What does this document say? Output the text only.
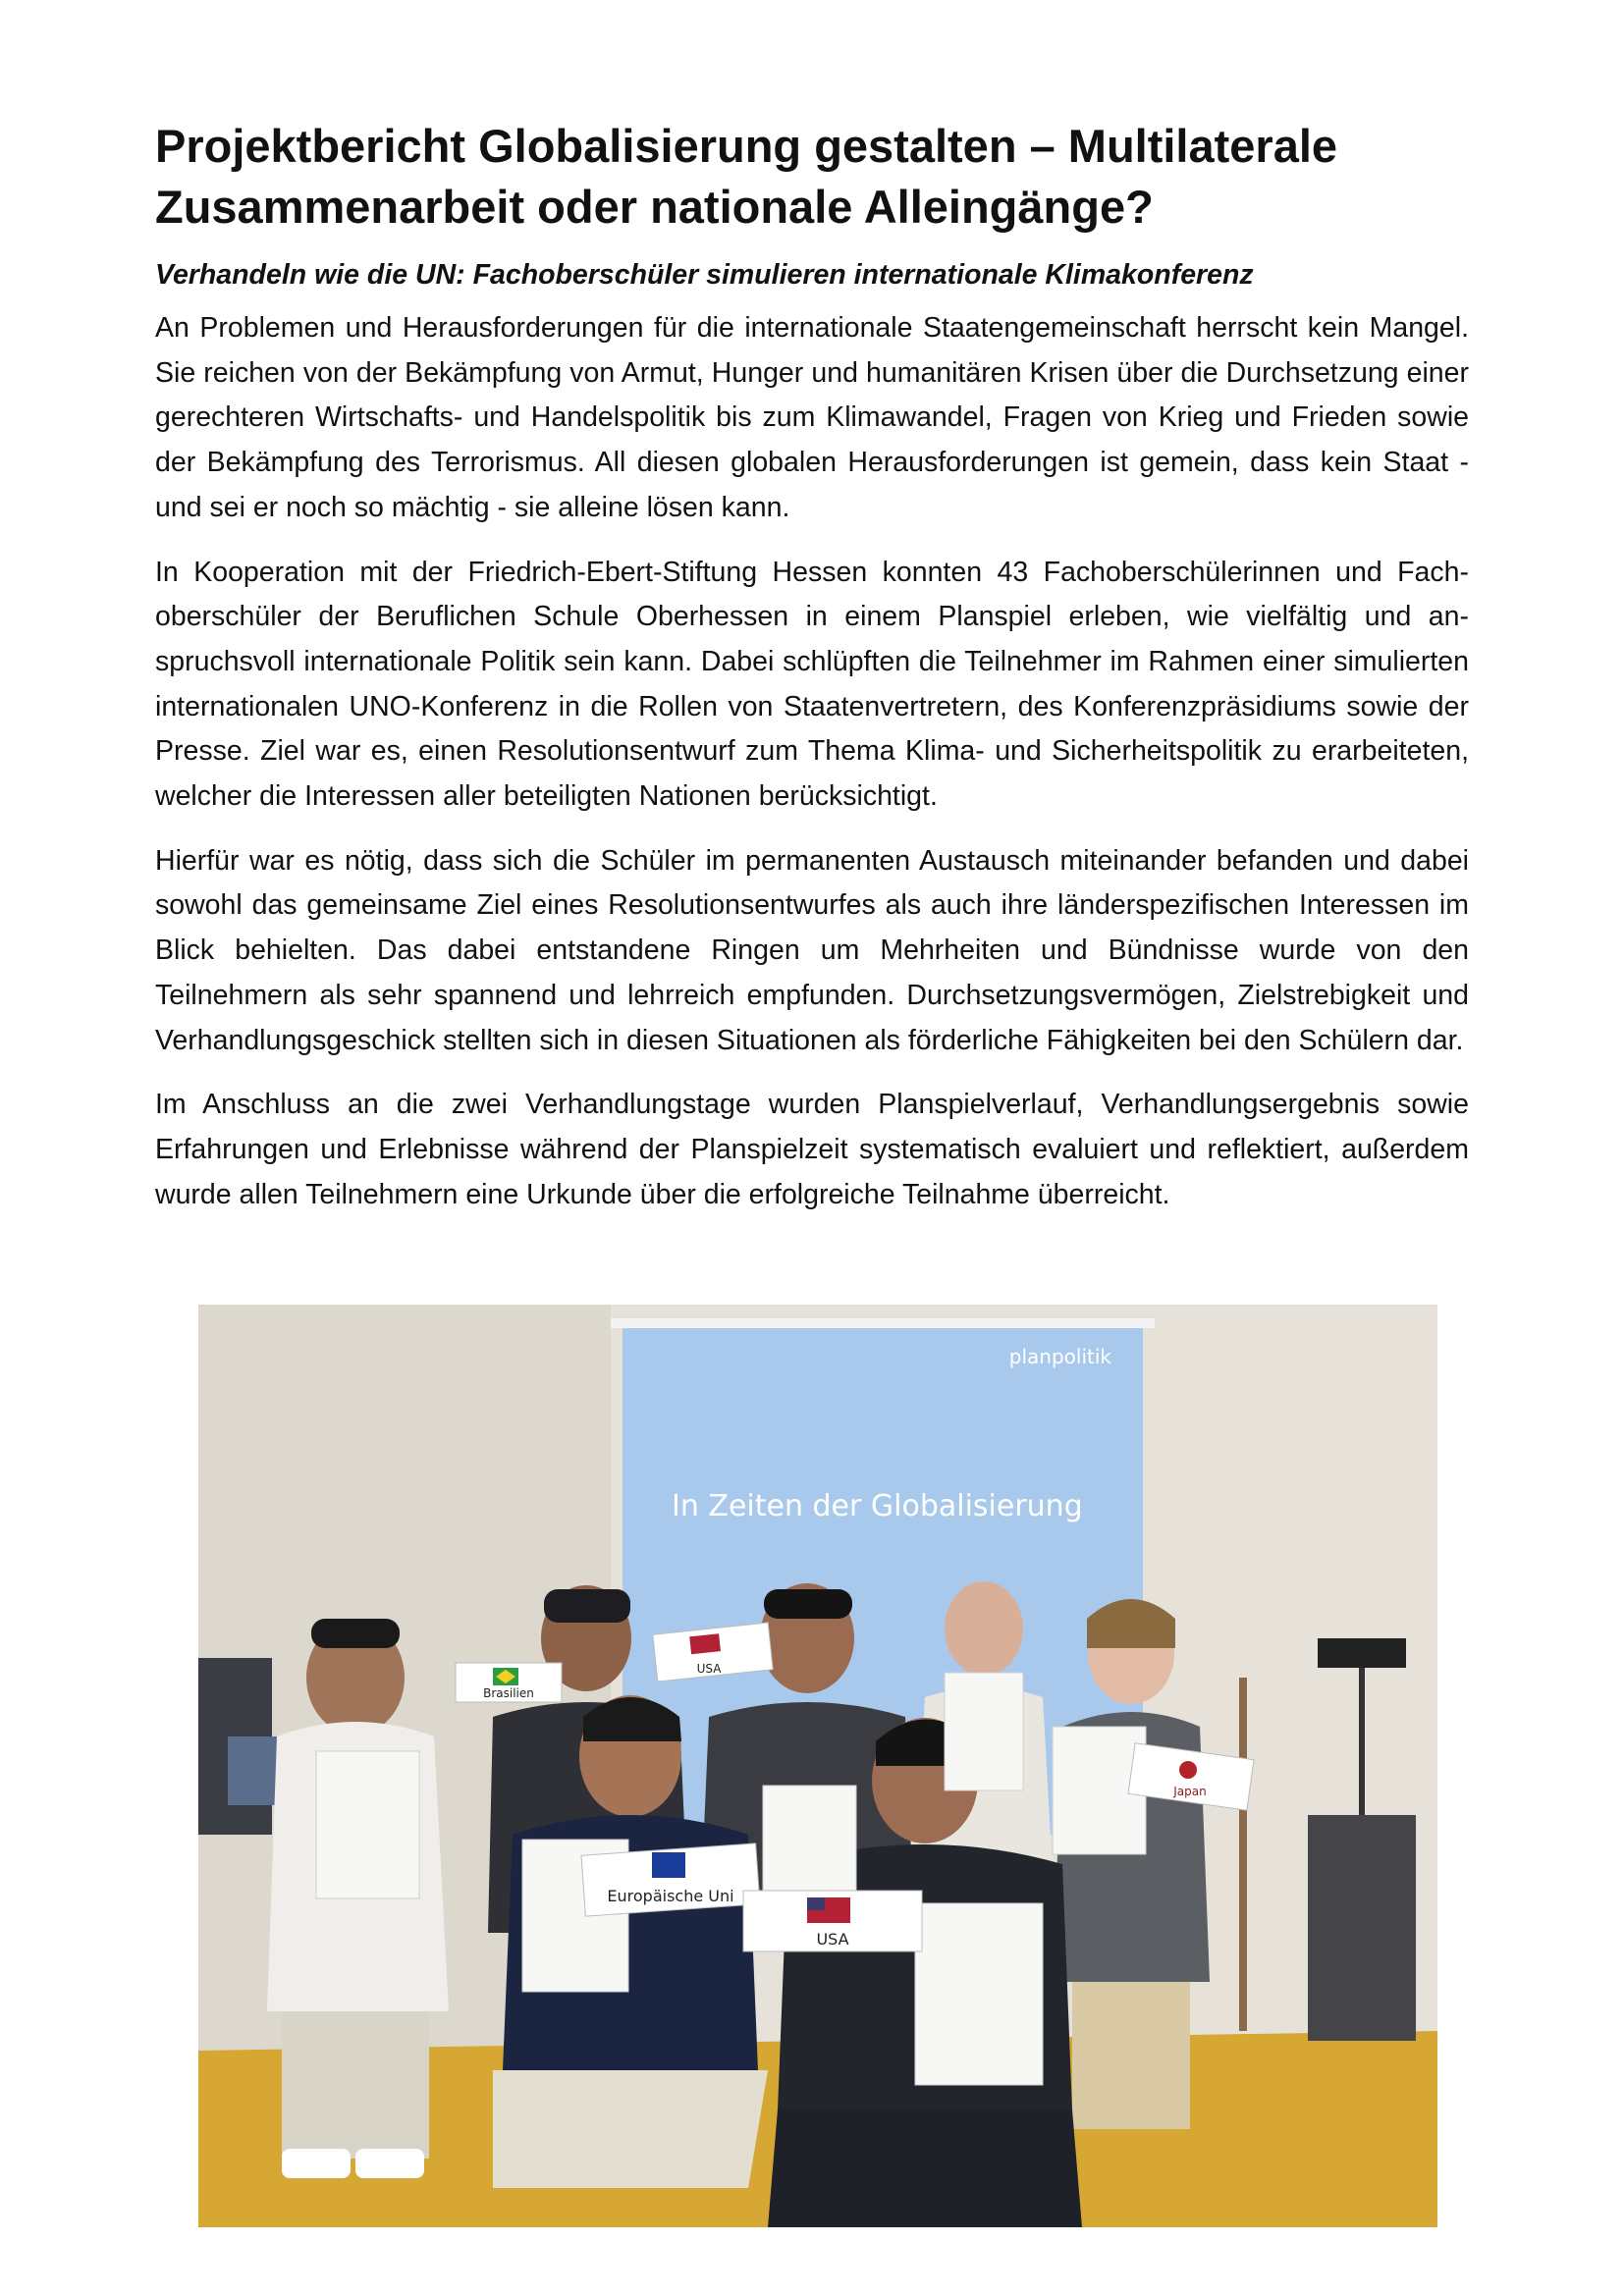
Projektbericht Globalisierung gestalten – Multilaterale Zusammenarbeit oder nationale Alleingänge?
Verhandeln wie die UN: Fachoberschüler simulieren internationale Klimakonferenz

An Problemen und Herausforderungen für die internationale Staatengemeinschaft herrscht kein Mangel. Sie reichen von der Bekämpfung von Armut, Hunger und humanitären Krisen über die Durchsetzung einer gerechteren Wirtschafts- und Handelspolitik bis zum Klimawandel, Fragen von Krieg und Frieden sowie der Bekämpfung des Terrorismus. All diesen globalen Herausforderungen ist gemein, dass kein Staat - und sei er noch so mächtig - sie alleine lösen kann.

In Kooperation mit der Friedrich-Ebert-Stiftung Hessen konnten 43 Fachoberschülerinnen und Fachoberschüler der Beruflichen Schule Oberhessen in einem Planspiel erleben, wie vielfältig und anspruchsvoll internationale Politik sein kann. Dabei schlüpften die Teilnehmer im Rahmen einer simulierten internationalen UNO-Konferenz in die Rollen von Staatenvertretern, des Konferenzpräsidiums sowie der Presse. Ziel war es, einen Resolutionsentwurf zum Thema Klima- und Sicherheitspolitik zu erarbeiteten, welcher die Interessen aller beteiligten Nationen berücksichtigt.

Hierfür war es nötig, dass sich die Schüler im permanenten Austausch miteinander befanden und dabei sowohl das gemeinsame Ziel eines Resolutionsentwurfes als auch ihre länderspezifischen Interessen im Blick behielten. Das dabei entstandene Ringen um Mehrheiten und Bündnisse wurde von den Teilnehmern als sehr spannend und lehrreich empfunden. Durchsetzungsvermögen, Zielstrebigkeit und Verhandlungsgeschick stellten sich in diesen Situationen als förderliche Fähigkeiten bei den Schülern dar.

Im Anschluss an die zwei Verhandlungstage wurden Planspielverlauf, Verhandlungsergebnis sowie Erfahrungen und Erlebnisse während der Planspielzeit systematisch evaluiert und reflektiert, außerdem wurde allen Teilnehmern eine Urkunde über die erfolgreiche Teilnahme überreicht.

planpolitik
In Zeiten der Globalisierung
Brasilien
USA
Europäische Uni
USA
Japan
